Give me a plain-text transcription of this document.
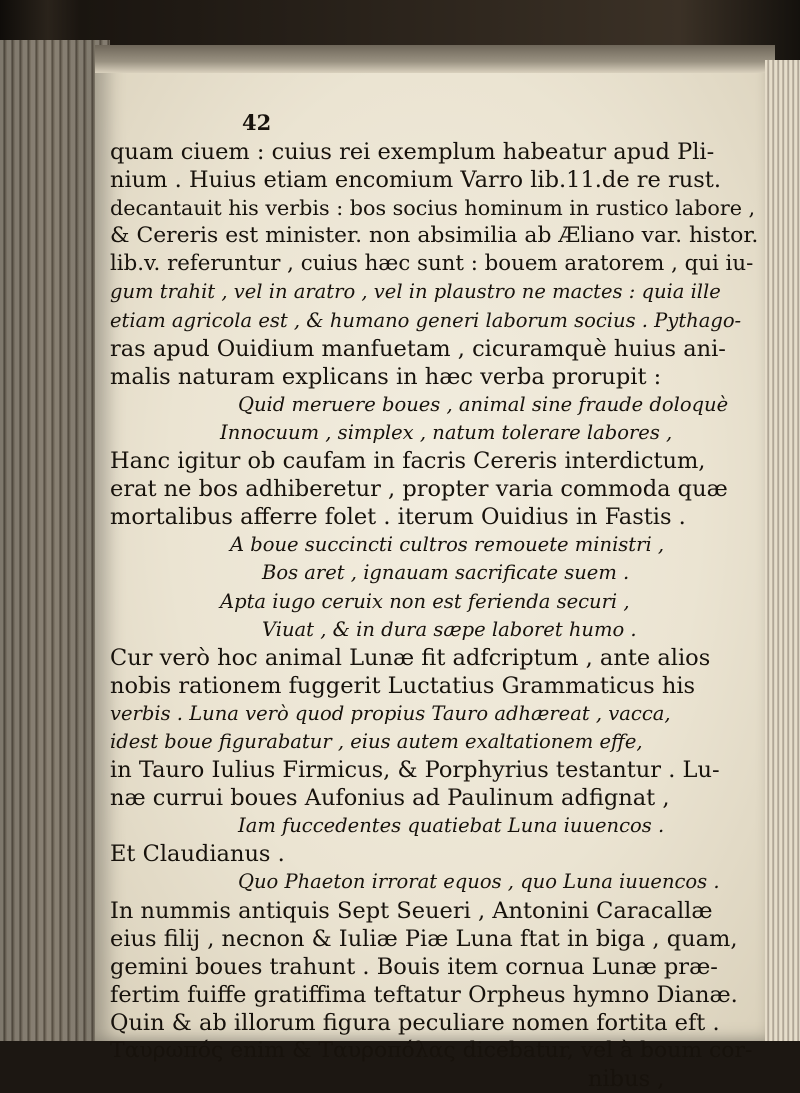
42
quam ciuem : cuius rei exemplum habeatur apud Pli-
nium . Huius etiam encomium Varro lib.11.de re rust.
decantauit his verbis : bos socius hominum in rustico labore ,
& Cereris est minister. non absimilia ab Æliano var. histor.
lib.v. referuntur , cuius hæc sunt : bouem aratorem , qui iu-
gum trahit , vel in aratro , vel in plaustro ne mactes : quia ille
etiam agricola est , & humano generi laborum socius . Pythago-
ras apud Ouidium manfuetam , cicuramquè huius ani-
malis naturam explicans in hæc verba prorupit :
Quid meruere boues , animal sine fraude doloquè
Innocuum , simplex , natum tolerare labores ,
Hanc igitur ob caufam in facris Cereris interdictum,
erat ne bos adhiberetur , propter varia commoda quæ
mortalibus afferre folet . iterum Ouidius in Fastis .
A boue succincti cultros remouete ministri ,
Bos aret , ignauam sacrificate suem .
Apta iugo ceruix non est ferienda securi ,
Viuat , & in dura sæpe laboret humo .
Cur verò hoc animal Lunæ fit adfcriptum , ante alios
nobis rationem fuggerit Luctatius Grammaticus his
verbis . Luna verò quod propius Tauro adhæreat , vacca,
idest boue figurabatur , eius autem exaltationem effe,
in Tauro Iulius Firmicus, & Porphyrius testantur . Lu-
næ currui boues Aufonius ad Paulinum adfignat ,
Iam fuccedentes quatiebat Luna iuuencos .
Et Claudianus .
Quo Phaeton irrorat equos , quo Luna iuuencos .
In nummis antiquis Sept Seueri , Antonini Caracallæ
eius filij , necnon & Iuliæ Piæ Luna ftat in biga , quam,
gemini boues trahunt . Bouis item cornua Lunæ præ-
fertim fuiffe gratiffima teftatur Orpheus hymno Dianæ.
Quin & ab illorum figura peculiare nomen fortita eft .
Ταυρωπός enim & Ταυροπόλας dicebatur, vel à boum cor-
nibus ,
